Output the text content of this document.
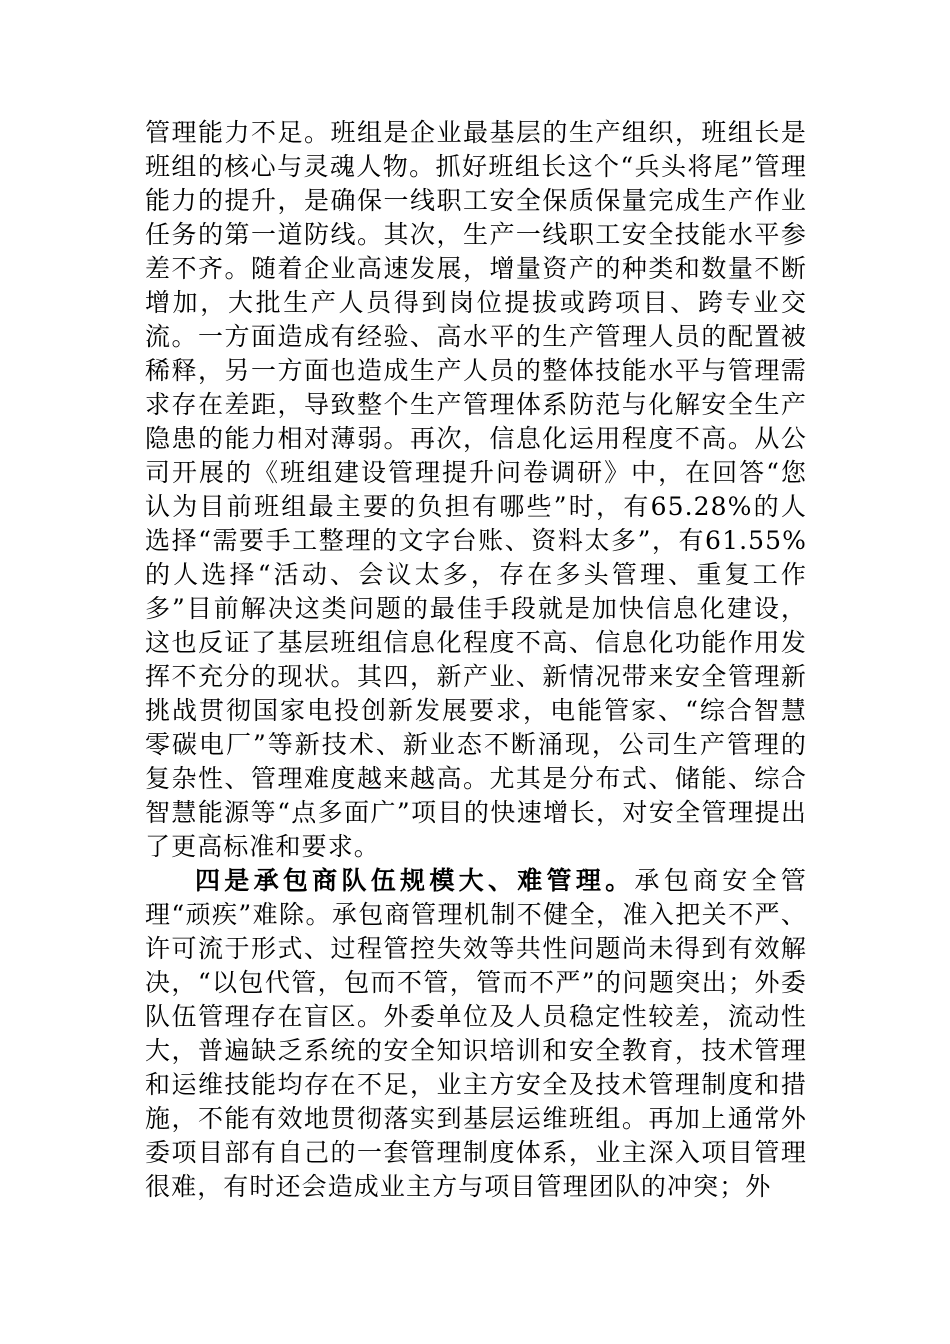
管理能力不足。班组是企业最基层的生产组织，班组长是班组的核心与灵魂人物。抓好班组长这个“兵头将尾”管理能力的提升，是确保一线职工安全保质保量完成生产作业任务的第一道防线。其次，生产一线职工安全技能水平参差不齐。随着企业高速发展，增量资产的种类和数量不断增加，大批生产人员得到岗位提拔或跨项目、跨专业交流。一方面造成有经验、高水平的生产管理人员的配置被稀释，另一方面也造成生产人员的整体技能水平与管理需求存在差距，导致整个生产管理体系防范与化解安全生产隐患的能力相对薄弱。再次，信息化运用程度不高。从公司开展的《班组建设管理提升问卷调研》中，在回答“您认为目前班组最主要的负担有哪些”时，有65.28%的人选择“需要手工整理的文字台账、资料太多”，有61.55%的人选择“活动、会议太多，存在多头管理、重复工作多”目前解决这类问题的最佳手段就是加快信息化建设，这也反证了基层班组信息化程度不高、信息化功能作用发挥不充分的现状。其四，新产业、新情况带来安全管理新挑战贯彻国家电投创新发展要求，电能管家、“综合智慧零碳电厂”等新技术、新业态不断涌现，公司生产管理的复杂性、管理难度越来越高。尤其是分布式、储能、综合智慧能源等“点多面广”项目的快速增长，对安全管理提出了更高标准和要求。

四是承包商队伍规模大、难管理。承包商安全管理“顽疾”难除。承包商管理机制不健全，准入把关不严、许可流于形式、过程管控失效等共性问题尚未得到有效解决，“以包代管，包而不管，管而不严”的问题突出；外委队伍管理存在盲区。外委单位及人员稳定性较差，流动性大，普遍缺乏系统的安全知识培训和安全教育，技术管理和运维技能均存在不足，业主方安全及技术管理制度和措施，不能有效地贯彻落实到基层运维班组。再加上通常外委项目部有自己的一套管理制度体系，业主深入项目管理很难，有时还会造成业主方与项目管理团队的冲突；外
